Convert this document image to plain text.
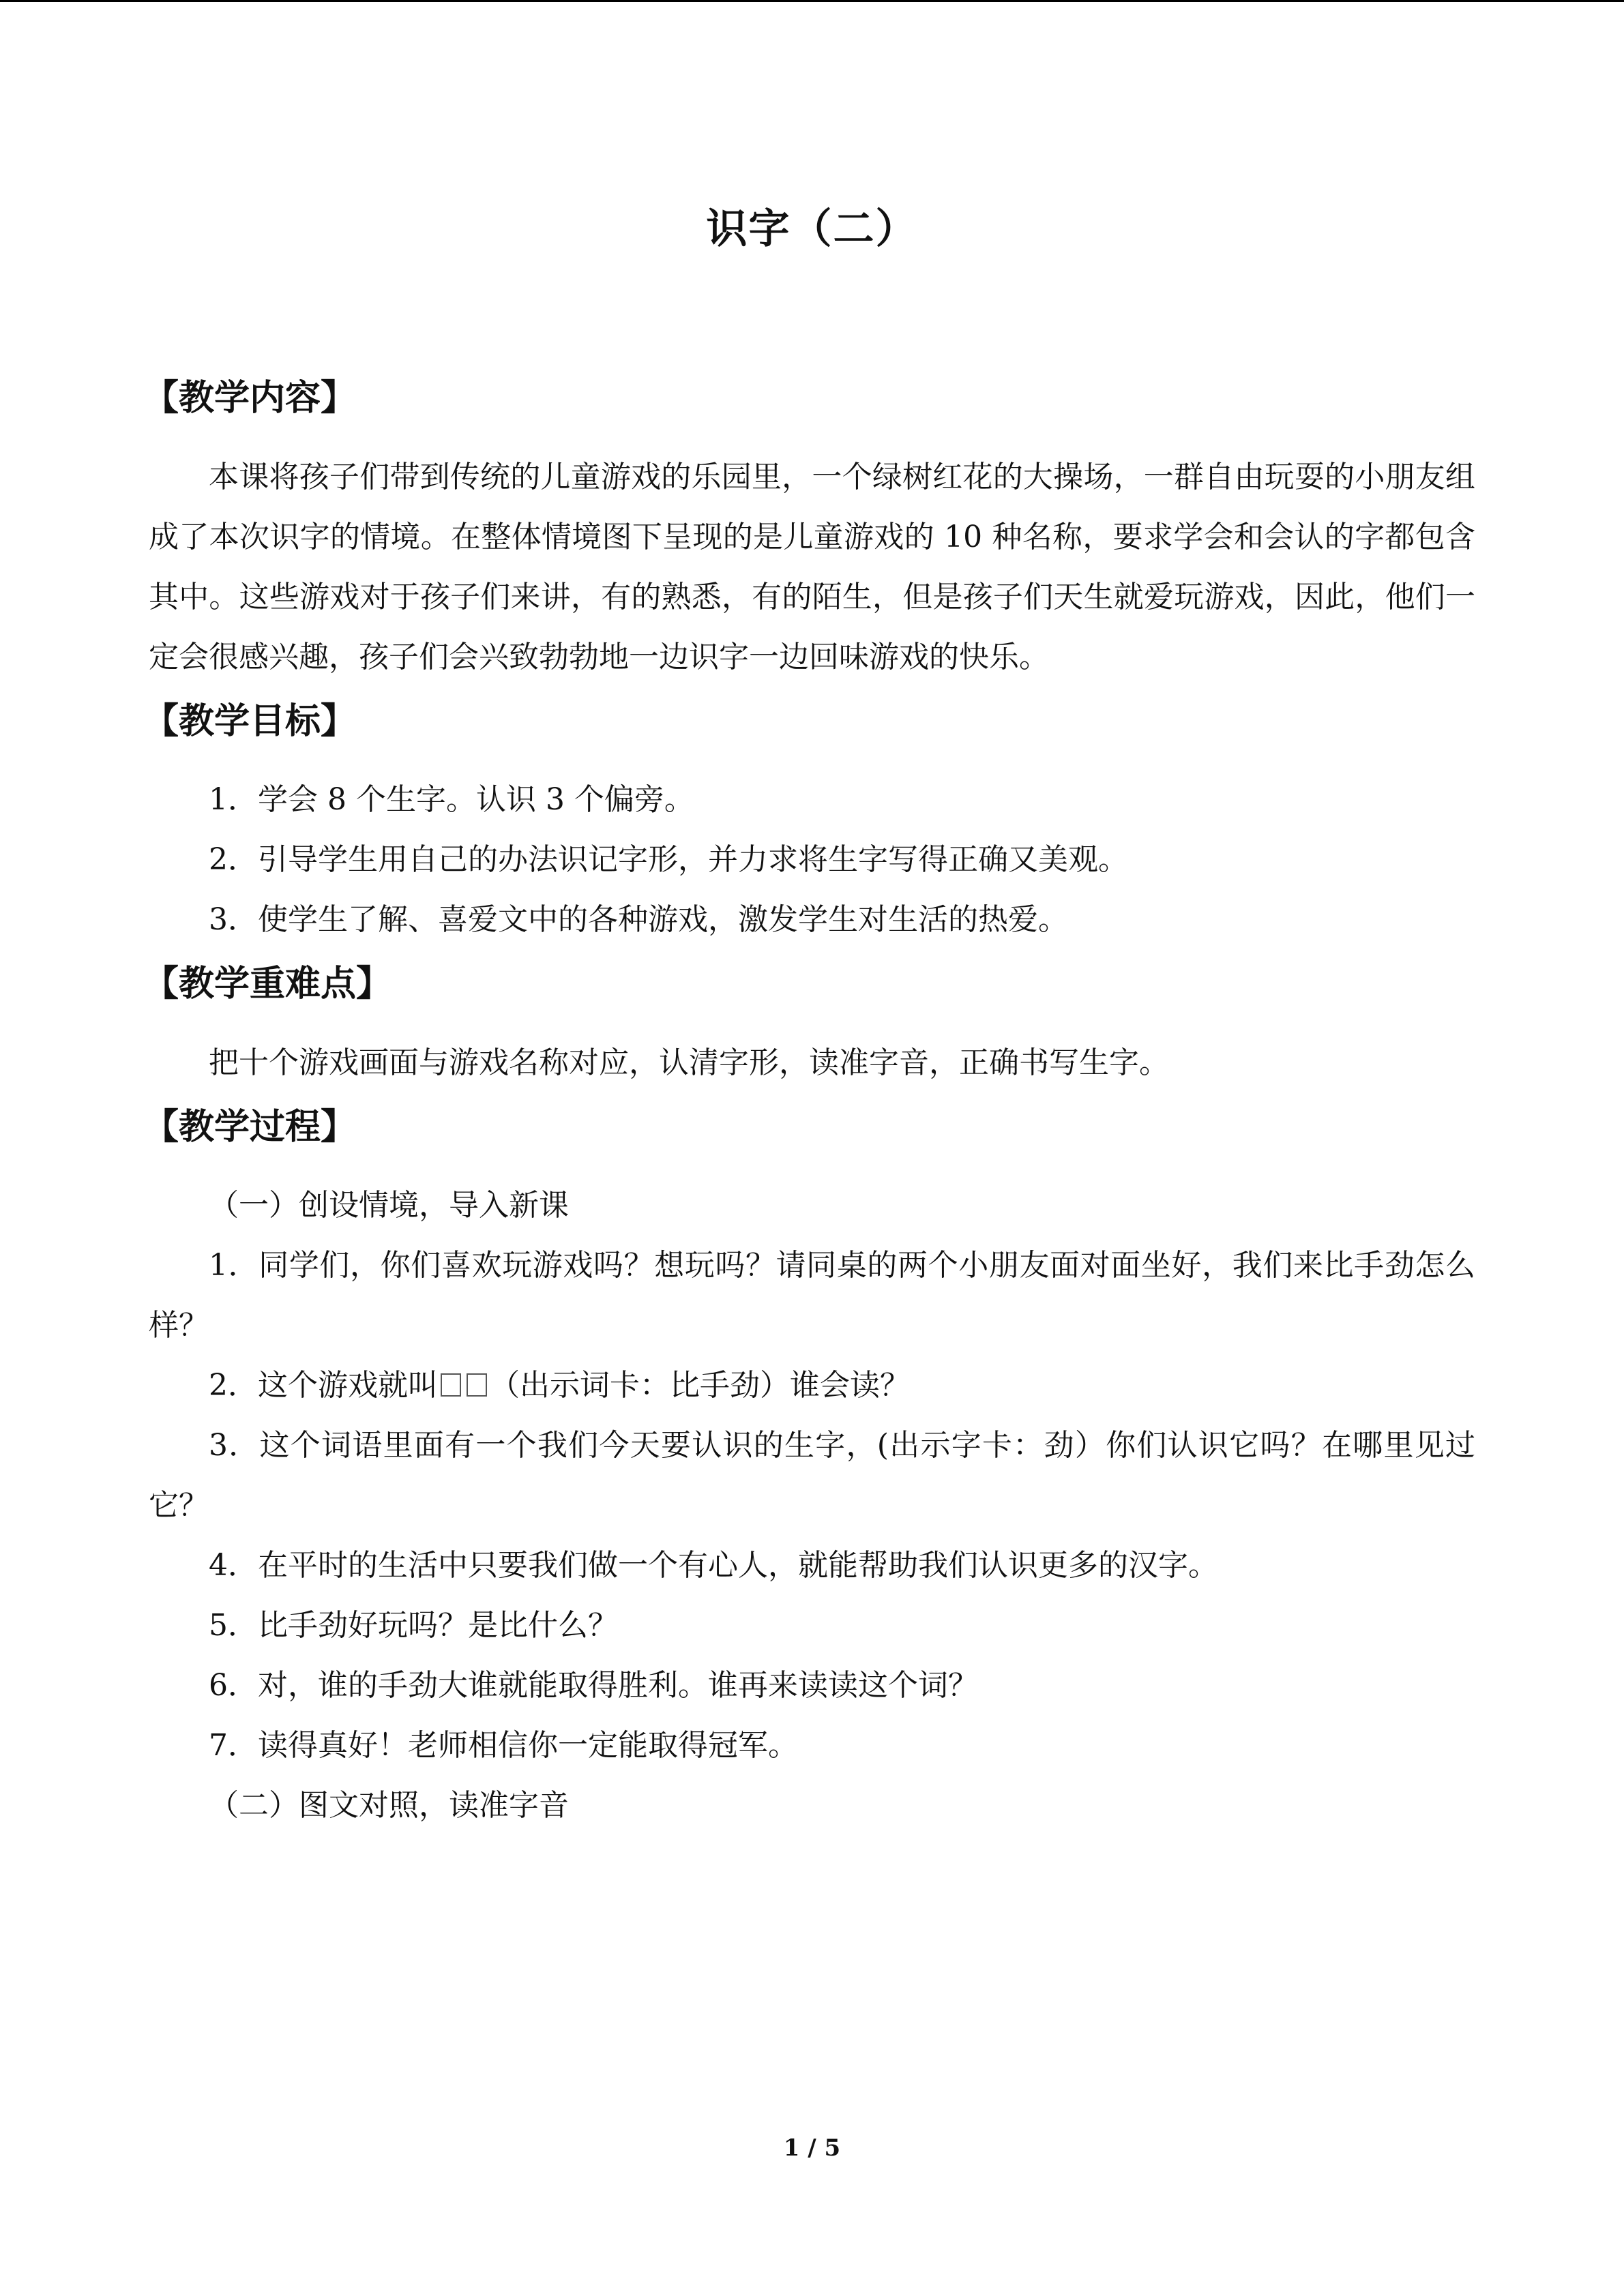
识字（二）
【教学内容】

本课将孩子们带到传统的儿童游戏的乐园里，一个绿树红花的大操场，一群自由玩耍的小朋友组成了本次识字的情境。在整体情境图下呈现的是儿童游戏的 10 种名称，要求学会和会认的字都包含其中。这些游戏对于孩子们来讲，有的熟悉，有的陌生，但是孩子们天生就爱玩游戏，因此，他们一定会很感兴趣，孩子们会兴致勃勃地一边识字一边回味游戏的快乐。

【教学目标】

1．学会 8 个生字。认识 3 个偏旁。

2．引导学生用自己的办法识记字形，并力求将生字写得正确又美观。

3．使学生了解、喜爱文中的各种游戏，激发学生对生活的热爱。

【教学重难点】

把十个游戏画面与游戏名称对应，认清字形，读准字音，正确书写生字。

【教学过程】

（一）创设情境，导入新课

1．同学们，你们喜欢玩游戏吗？想玩吗？请同桌的两个小朋友面对面坐好，我们来比手劲怎么样？

2．这个游戏就叫 （出示词卡：比手劲）谁会读？

3．这个词语里面有一个我们今天要认识的生字，(出示字卡：劲）你们认识它吗？在哪里见过它？

4．在平时的生活中只要我们做一个有心人，就能帮助我们认识更多的汉字。

5．比手劲好玩吗？是比什么？

6．对，谁的手劲大谁就能取得胜利。谁再来读读这个词？

7．读得真好！老师相信你一定能取得冠军。

（二）图文对照，读准字音

1 / 5
